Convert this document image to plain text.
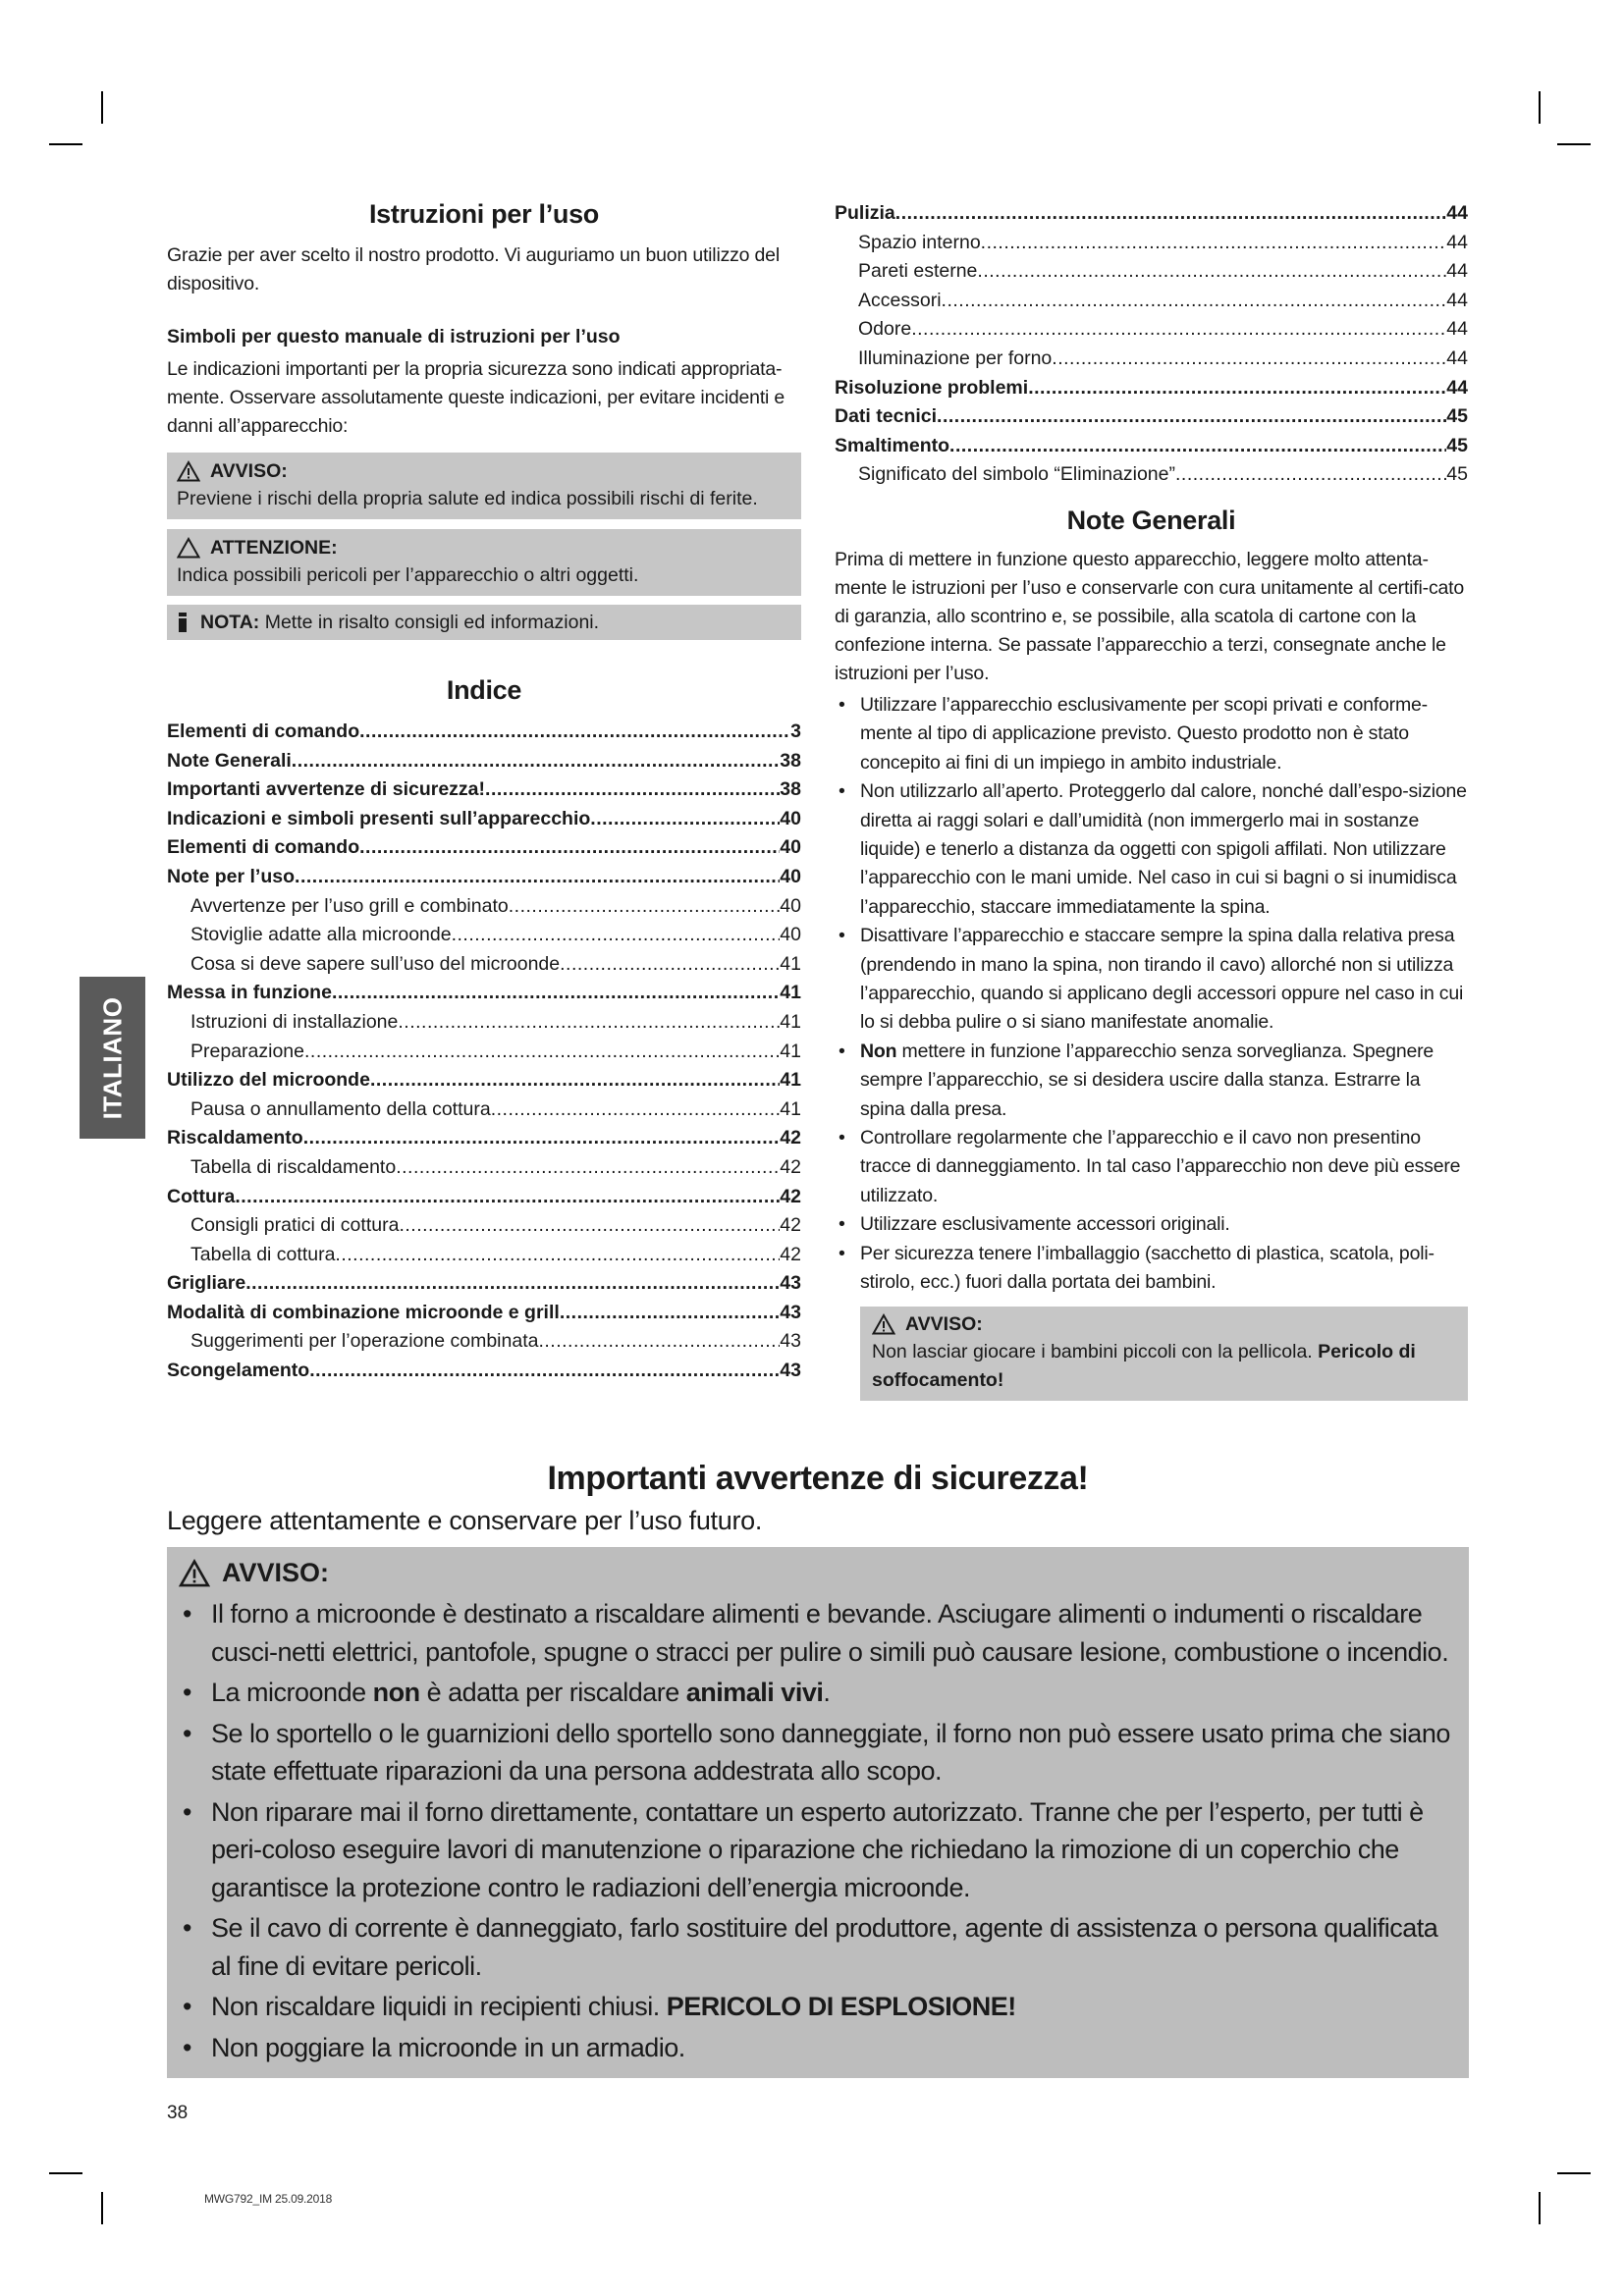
ITALIANO
Istruzioni per l’uso

Grazie per aver scelto il nostro prodotto. Vi auguriamo un buon utilizzo del dispositivo.

Simboli per questo manuale di istruzioni per l’uso

Le indicazioni importanti per la propria sicurezza sono indicati appropriata-mente. Osservare assolutamente queste indicazioni, per evitare incidenti e danni all’apparecchio:

AVVISO:
Previene i rischi della propria salute ed indica possibili rischi di ferite.
ATTENZIONE:
Indica possibili pericoli per l’apparecchio o altri oggetti.
NOTA: Mette in risalto consigli ed informazioni.
Indice
Elementi di comando .....	3
Note Generali .....	38
Importanti avvertenze di sicurezza! .....	38
Indicazioni e simboli presenti sull’apparecchio .....	40
Elementi di comando .....	40
Note per l’uso .....	40
Avvertenze per l’uso grill e combinato .....	40
Stoviglie adatte alla microonde .....	40
Cosa si deve sapere sull’uso del microonde .....	41
Messa in funzione .....	41
Istruzioni di installazione .....	41
Preparazione .....	41
Utilizzo del microonde .....	41
Pausa o annullamento della cottura .....	41
Riscaldamento .....	42
Tabella di riscaldamento .....	42
Cottura .....	42
Consigli pratici di cottura .....	42
Tabella di cottura .....	42
Grigliare .....	43
Modalità di combinazione microonde e grill .....	43
Suggerimenti per l’operazione combinata .....	43
Scongelamento .....	43
Pulizia .....	44
Spazio interno .....	44
Pareti esterne .....	44
Accessori .....	44
Odore .....	44
Illuminazione per forno .....	44
Risoluzione problemi .....	44
Dati tecnici .....	45
Smaltimento .....	45
Significato del simbolo “Eliminazione” .....	45
Note Generali

Prima di mettere in funzione questo apparecchio, leggere molto attenta-mente le istruzioni per l’uso e conservarle con cura unitamente al certifi-cato di garanzia, allo scontrino e, se possibile, alla scatola di cartone con la confezione interna. Se passate l’apparecchio a terzi, consegnate anche le istruzioni per l’uso.

• Utilizzare l’apparecchio esclusivamente per scopi privati e conforme-mente al tipo di applicazione previsto. Questo prodotto non è stato concepito ai fini di un impiego in ambito industriale.
• Non utilizzarlo all’aperto. Proteggerlo dal calore, nonché dall’espo-sizione diretta ai raggi solari e dall’umidità (non immergerlo mai in sostanze liquide) e tenerlo a distanza da oggetti con spigoli affilati. Non utilizzare l’apparecchio con le mani umide. Nel caso in cui si bagni o si inumidisca l’apparecchio, staccare immediatamente la spina.
• Disattivare l’apparecchio e staccare sempre la spina dalla relativa presa (prendendo in mano la spina, non tirando il cavo) allorché non si utilizza l’apparecchio, quando si applicano degli accessori oppure nel caso in cui lo si debba pulire o si siano manifestate anomalie.
• Non mettere in funzione l’apparecchio senza sorveglianza. Spegnere sempre l’apparecchio, se si desidera uscire dalla stanza. Estrarre la spina dalla presa.
• Controllare regolarmente che l’apparecchio e il cavo non presentino tracce di danneggiamento. In tal caso l’apparecchio non deve più essere utilizzato.
• Utilizzare esclusivamente accessori originali.
• Per sicurezza tenere l’imballaggio (sacchetto di plastica, scatola, poli-stirolo, ecc.) fuori dalla portata dei bambini.
AVVISO:
Non lasciar giocare i bambini piccoli con la pellicola. Pericolo di soffocamento!
Importanti avvertenze di sicurezza!

Leggere attentamente e conservare per l’uso futuro.

AVVISO:
• Il forno a microonde è destinato a riscaldare alimenti e bevande. Asciugare alimenti o indumenti o riscaldare cusci-netti elettrici, pantofole, spugne o stracci per pulire o simili può causare lesione, combustione o incendio.
• La microonde non è adatta per riscaldare animali vivi.
• Se lo sportello o le guarnizioni dello sportello sono danneggiate, il forno non può essere usato prima che siano state effettuate riparazioni da una persona addestrata allo scopo.
• Non riparare mai il forno direttamente, contattare un esperto autorizzato. Tranne che per l’esperto, per tutti è peri-coloso eseguire lavori di manutenzione o riparazione che richiedano la rimozione di un coperchio che garantisce la protezione contro le radiazioni dell’energia microonde.
• Se il cavo di corrente è danneggiato, farlo sostituire del produttore, agente di assistenza o persona qualificata al fine di evitare pericoli.
• Non riscaldare liquidi in recipienti chiusi. PERICOLO DI ESPLOSIONE!
• Non poggiare la microonde in un armadio.
38
MWG792_IM 25.09.2018
